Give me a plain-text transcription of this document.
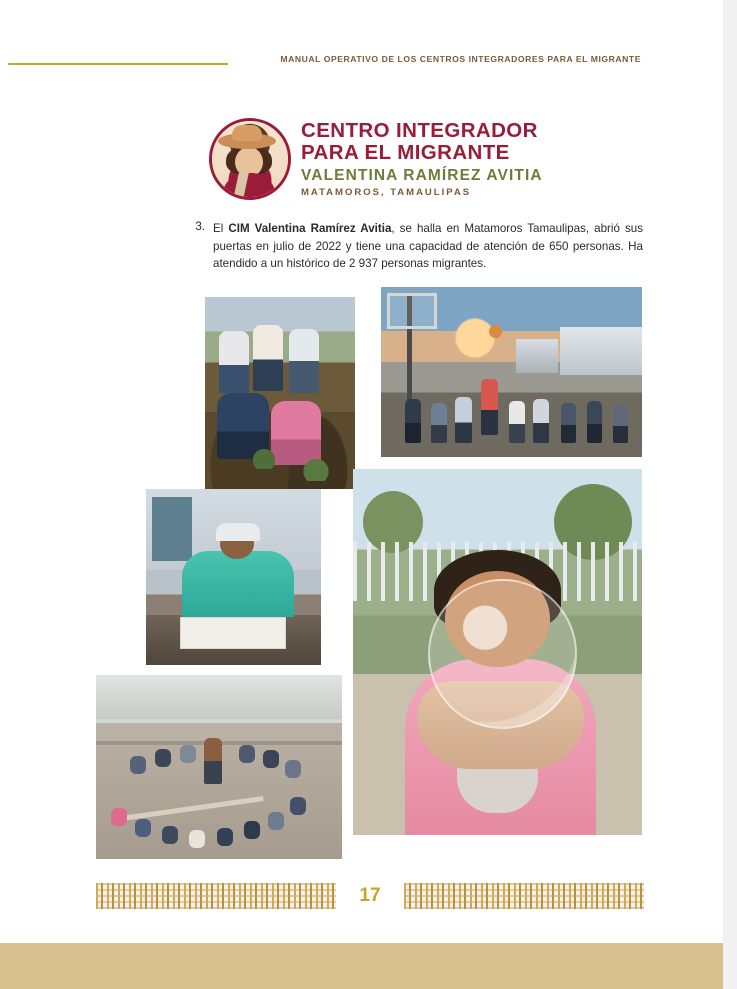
MANUAL OPERATIVO DE LOS CENTROS INTEGRADORES PARA EL MIGRANTE
CENTRO INTEGRADOR
PARA EL MIGRANTE
VALENTINA RAMÍREZ AVITIA
MATAMOROS, TAMAULIPAS
3. El CIM Valentina Ramírez Avitia, se halla en Matamoros Tamaulipas, abrió sus puertas en julio de 2022 y tiene una capacidad de atención de 650 personas. Ha atendido a un histórico de 2 937 personas migrantes.
17
